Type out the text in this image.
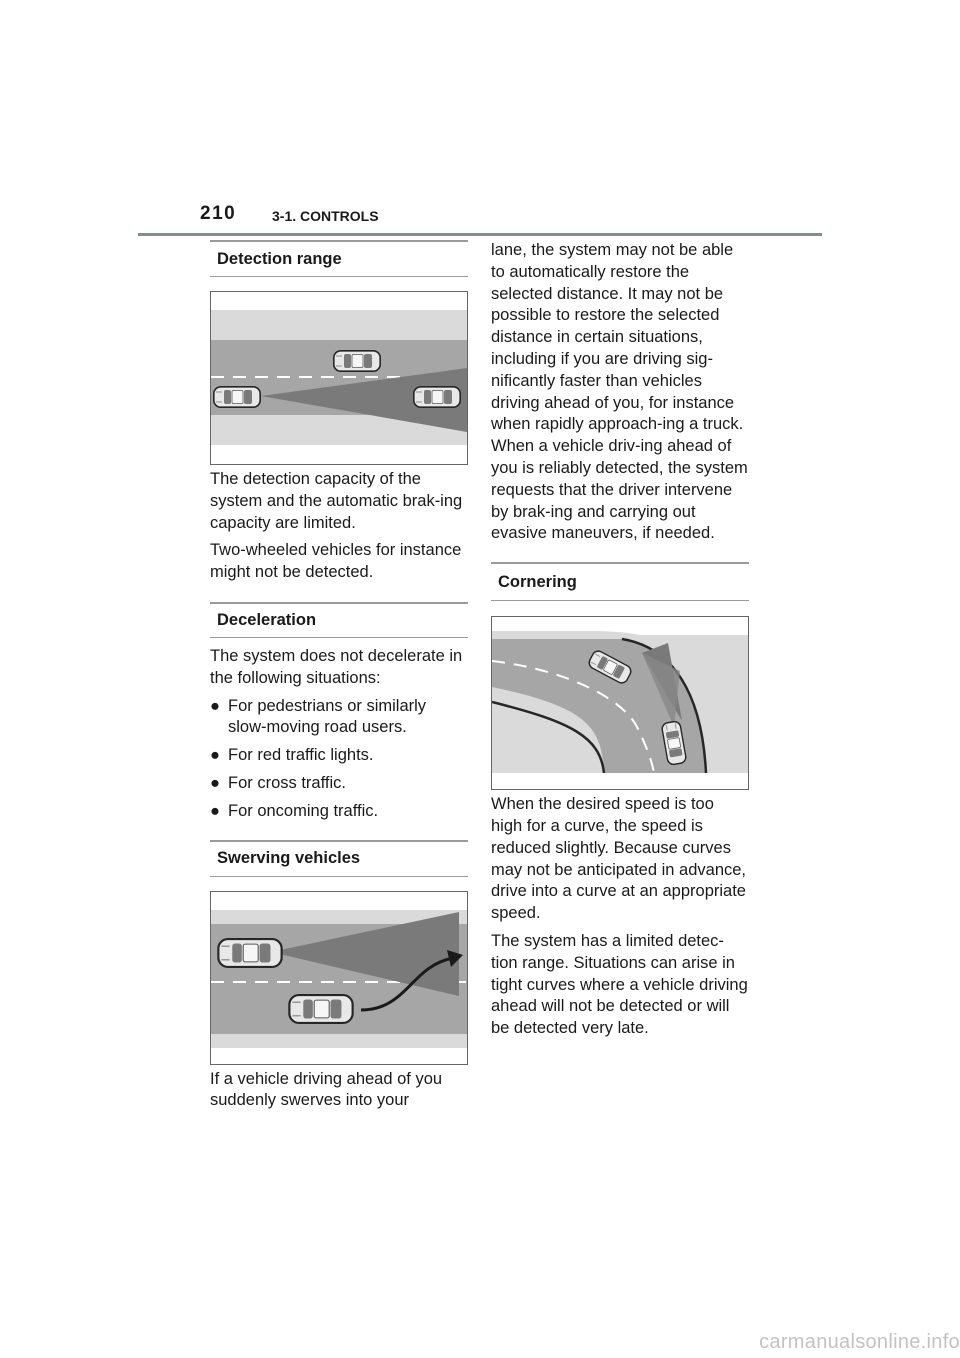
210	3-1. CONTROLS
Detection range

The detection capacity of the system and the automatic brak-ing capacity are limited.

Two-wheeled vehicles for instance might not be detected.

Deceleration

The system does not decelerate in the following situations:

● For pedestrians or similarly slow-moving road users.
● For red traffic lights.
● For cross traffic.
● For oncoming traffic.
Swerving vehicles

If a vehicle driving ahead of you suddenly swerves into your

lane, the system may not be able to automatically restore the selected distance. It may not be possible to restore the selected distance in certain situations, including if you are driving sig-nificantly faster than vehicles driving ahead of you, for instance when rapidly approach-ing a truck. When a vehicle driv-ing ahead of you is reliably detected, the system requests that the driver intervene by brak-ing and carrying out evasive maneuvers, if needed.

Cornering

When the desired speed is too high for a curve, the speed is reduced slightly. Because curves may not be anticipated in advance, drive into a curve at an appropriate speed.

The system has a limited detec-tion range. Situations can arise in tight curves where a vehicle driving ahead will not be detected or will be detected very late.

carmanualsonline.info
